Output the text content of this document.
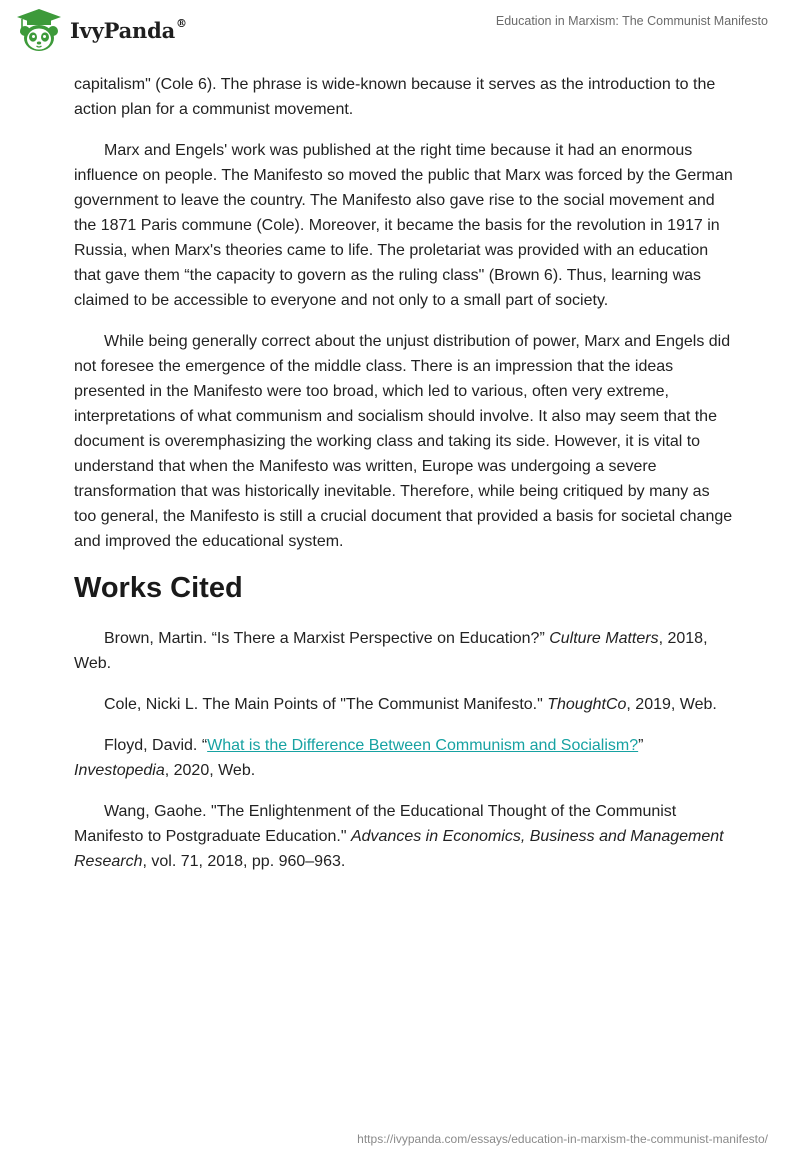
IvyPanda®	Education in Marxism: The Communist Manifesto

capitalism" (Cole 6). The phrase is wide-known because it serves as the introduction to the action plan for a communist movement.

Marx and Engels' work was published at the right time because it had an enormous influence on people. The Manifesto so moved the public that Marx was forced by the German government to leave the country. The Manifesto also gave rise to the social movement and the 1871 Paris commune (Cole). Moreover, it became the basis for the revolution in 1917 in Russia, when Marx's theories came to life. The proletariat was provided with an education that gave them “the capacity to govern as the ruling class" (Brown 6). Thus, learning was claimed to be accessible to everyone and not only to a small part of society.

While being generally correct about the unjust distribution of power, Marx and Engels did not foresee the emergence of the middle class. There is an impression that the ideas presented in the Manifesto were too broad, which led to various, often very extreme, interpretations of what communism and socialism should involve. It also may seem that the document is overemphasizing the working class and taking its side. However, it is vital to understand that when the Manifesto was written, Europe was undergoing a severe transformation that was historically inevitable. Therefore, while being critiqued by many as too general, the Manifesto is still a crucial document that provided a basis for societal change and improved the educational system.

Works Cited
Brown, Martin. “Is There a Marxist Perspective on Education?” Culture Matters, 2018, Web.
Cole, Nicki L. The Main Points of "The Communist Manifesto." ThoughtCo, 2019, Web.
Floyd, David. “What is the Difference Between Communism and Socialism?” Investopedia, 2020, Web.
Wang, Gaohe. "The Enlightenment of the Educational Thought of the Communist Manifesto to Postgraduate Education." Advances in Economics, Business and Management Research, vol. 71, 2018, pp. 960–963.
https://ivypanda.com/essays/education-in-marxism-the-communist-manifesto/
